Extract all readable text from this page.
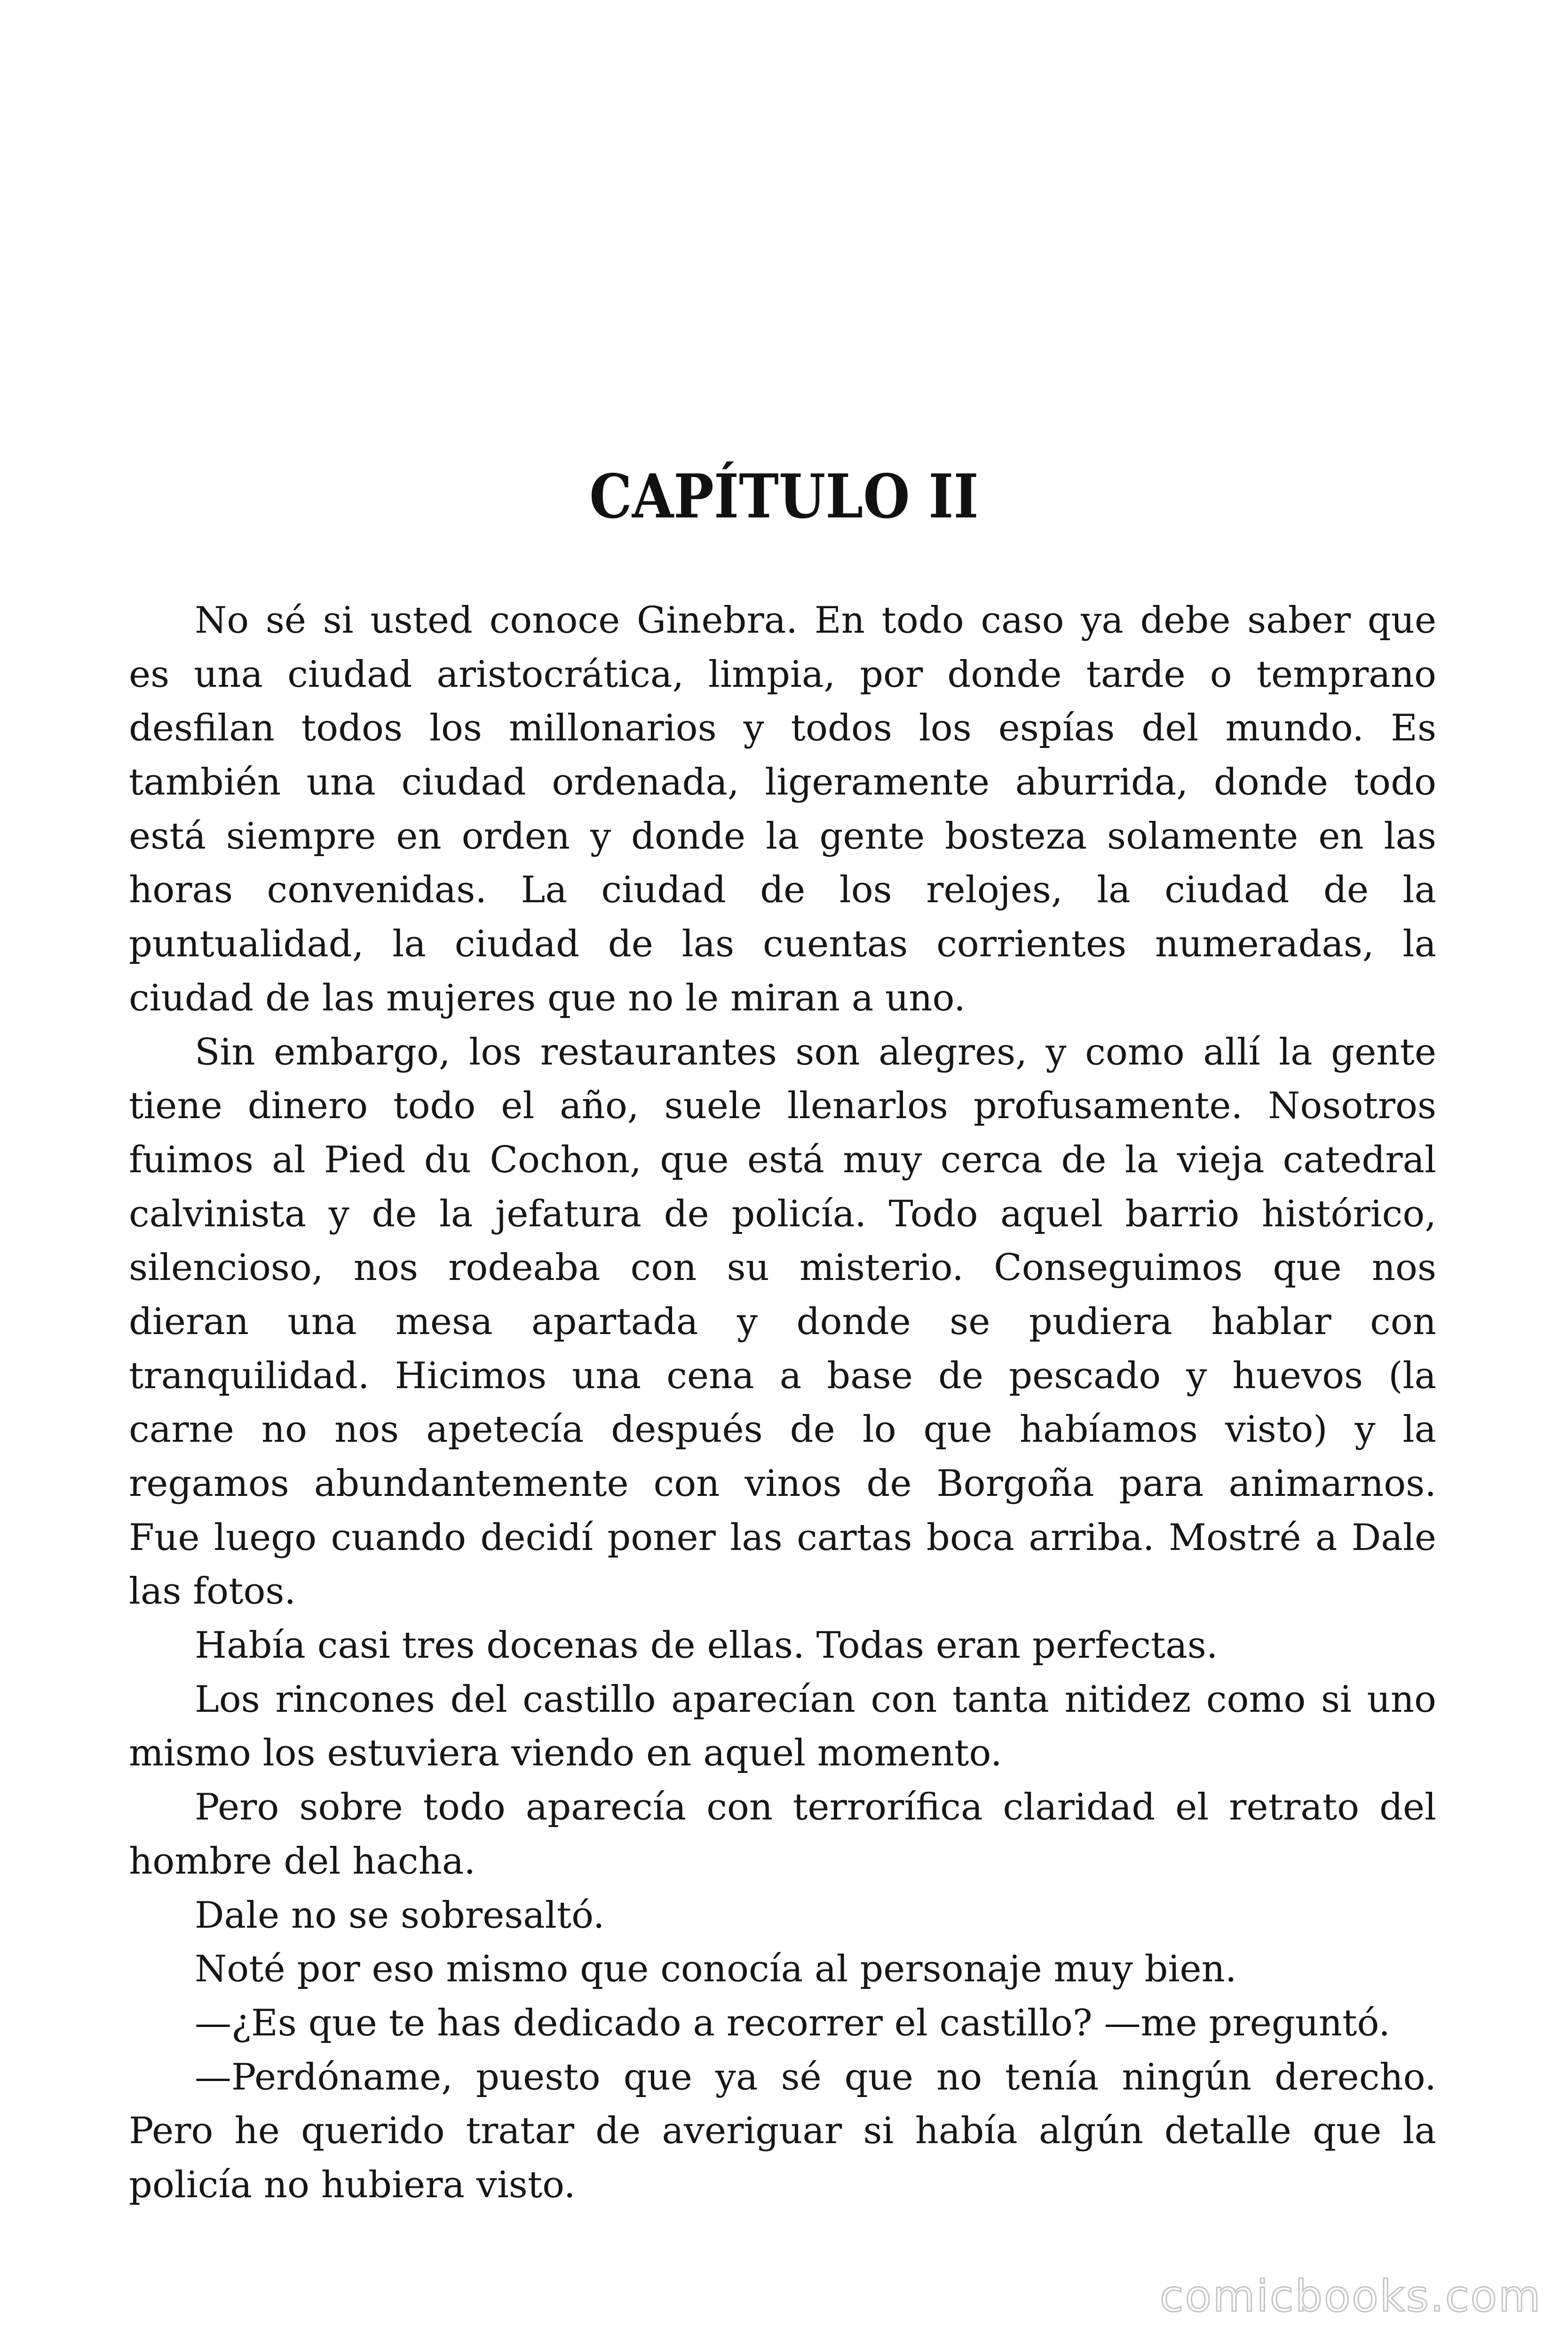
CAPÍTULO II
No sé si usted conoce Ginebra. En todo caso ya debe saber que
es una ciudad aristocrática, limpia, por donde tarde o temprano
desfilan todos los millonarios y todos los espías del mundo. Es
también una ciudad ordenada, ligeramente aburrida, donde todo
está siempre en orden y donde la gente bosteza solamente en las
horas convenidas. La ciudad de los relojes, la ciudad de la
puntualidad, la ciudad de las cuentas corrientes numeradas, la
ciudad de las mujeres que no le miran a uno.
Sin embargo, los restaurantes son alegres, y como allí la gente
tiene dinero todo el año, suele llenarlos profusamente. Nosotros
fuimos al Pied du Cochon, que está muy cerca de la vieja catedral
calvinista y de la jefatura de policía. Todo aquel barrio histórico,
silencioso, nos rodeaba con su misterio. Conseguimos que nos
dieran una mesa apartada y donde se pudiera hablar con
tranquilidad. Hicimos una cena a base de pescado y huevos (la
carne no nos apetecía después de lo que habíamos visto) y la
regamos abundantemente con vinos de Borgoña para animarnos.
Fue luego cuando decidí poner las cartas boca arriba. Mostré a Dale
las fotos.
Había casi tres docenas de ellas. Todas eran perfectas.
Los rincones del castillo aparecían con tanta nitidez como si uno
mismo los estuviera viendo en aquel momento.
Pero sobre todo aparecía con terrorífica claridad el retrato del
hombre del hacha.
Dale no se sobresaltó.
Noté por eso mismo que conocía al personaje muy bien.
—¿Es que te has dedicado a recorrer el castillo? —me preguntó.
—Perdóname, puesto que ya sé que no tenía ningún derecho.
Pero he querido tratar de averiguar si había algún detalle que la
policía no hubiera visto.
comicbooks.com
